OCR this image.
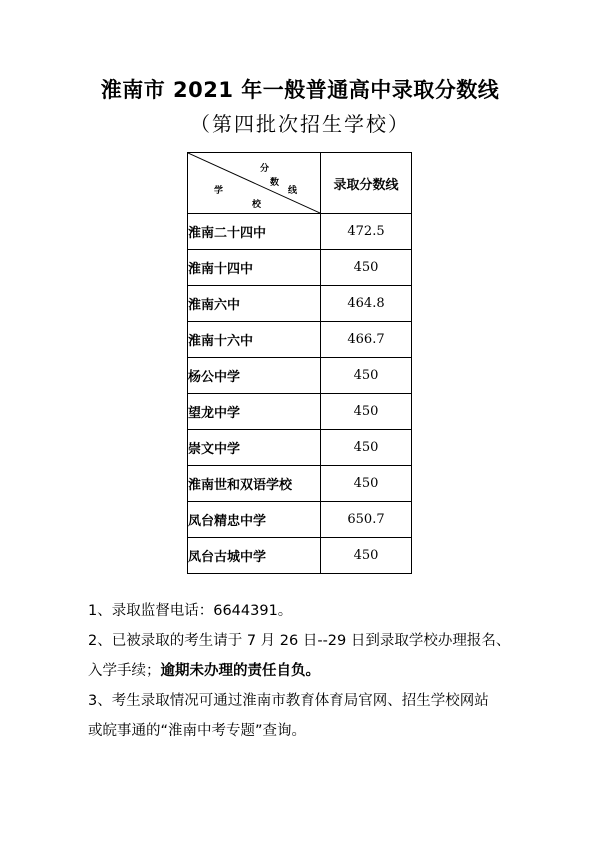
淮南市 2021 年一般普通高中录取分数线
（第四批次招生学校）
分
数
线
学
校	录取分数线
淮南二十四中	472.5
淮南十四中	450
淮南六中	464.8
淮南十六中	466.7
杨公中学	450
望龙中学	450
崇文中学	450
淮南世和双语学校	450
凤台精忠中学	650.7
凤台古城中学	450

1、录取监督电话：6644391。

2、已被录取的考生请于 7 月 26 日--29 日到录取学校办理报名、

入学手续；逾期未办理的责任自负。

3、考生录取情况可通过淮南市教育体育局官网、招生学校网站

或皖事通的“淮南中考专题”查询。
